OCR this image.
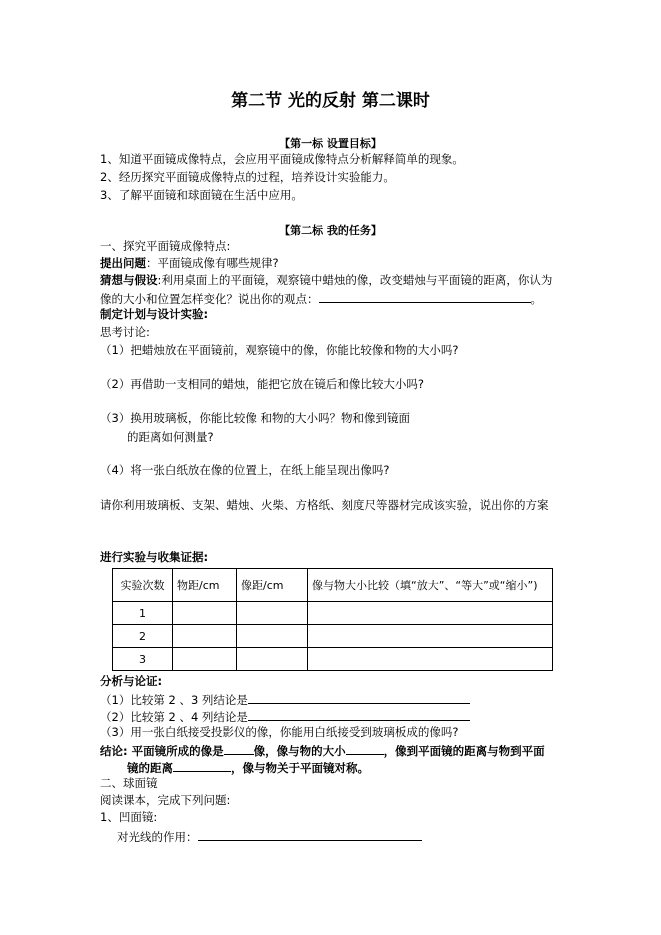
第二节 光的反射 第二课时
【第一标 设置目标】
1、知道平面镜成像特点，会应用平面镜成像特点分析解释简单的现象。
2、经历探究平面镜成像特点的过程，培养设计实验能力。
3、了解平面镜和球面镜在生活中应用。
【第二标 我的任务】
一、探究平面镜成像特点:
提出问题：平面镜成像有哪些规律?
猜想与假设:利用桌面上的平面镜，观察镜中蜡烛的像，改变蜡烛与平面镜的距离，你认为
像的大小和位置怎样变化？说出你的观点：	。
制定计划与设计实验:
思考讨论:
（1）把蜡烛放在平面镜前，观察镜中的像，你能比较像和物的大小吗?
（2）再借助一支相同的蜡烛，能把它放在镜后和像比较大小吗?
（3）换用玻璃板，你能比较像 和物的大小吗？物和像到镜面
的距离如何测量?
（4）将一张白纸放在像的位置上，在纸上能呈现出像吗?
请你利用玻璃板、支架、蜡烛、火柴、方格纸、刻度尺等器材完成该实验，说出你的方案
进行实验与收集证据:
实验次数	物距/cm	像距/cm	像与物大小比较（填“放大”、“等大”或“缩小”)
1			
2			
3			
分析与论证:
（1）比较第 2 、3 列结论是
（2）比较第 2 、4 列结论是
（3）用一张白纸接受投影仪的像，你能用白纸接受到玻璃板成的像吗?
结论: 平面镜所成的像是	像，像与物的大小	，像到平面镜的距离与物到平面
镜的距离	，像与物关于平面镜对称。
二、球面镜
阅读课本，完成下列问题:
1、凹面镜:
对光线的作用：
